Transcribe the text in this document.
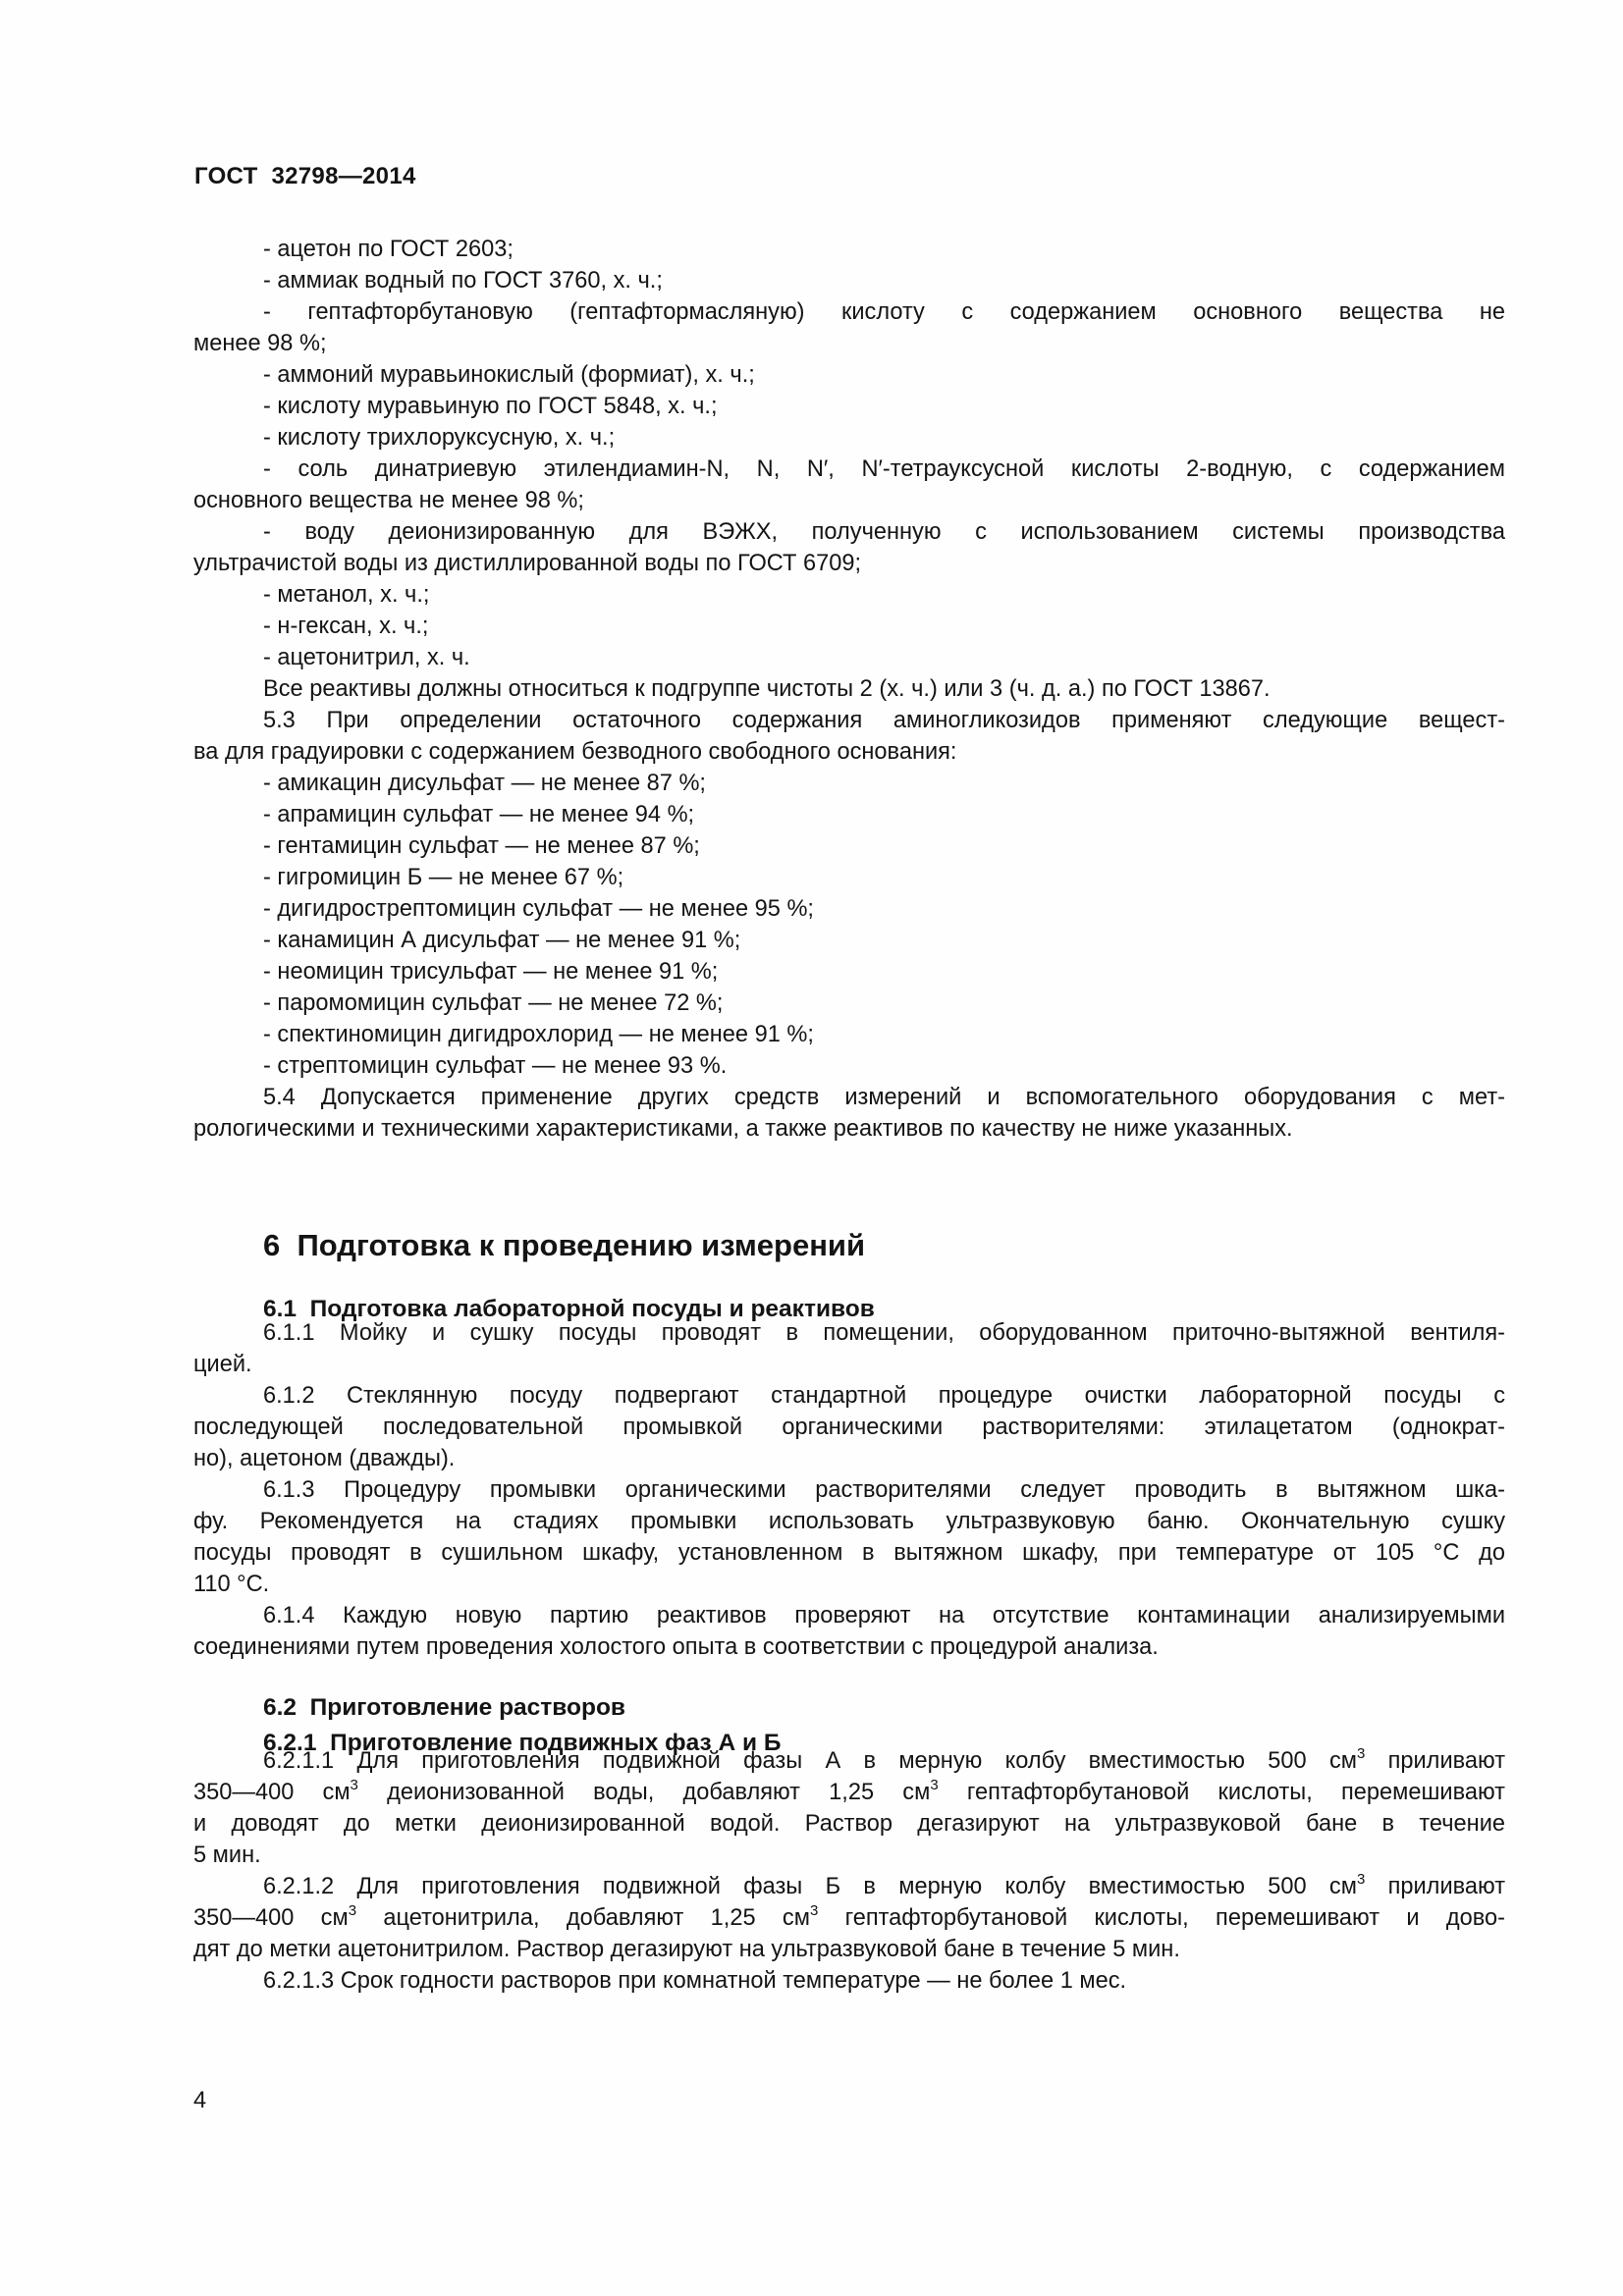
ГОСТ  32798—2014
6  Подготовка к проведению измерений
6.1  Подготовка лабораторной посуды и реактивов
6.2  Приготовление растворов
6.2.1  Приготовление подвижных фаз А и Б
- ацетон по ГОСТ 2603;
- аммиак водный по ГОСТ 3760, х. ч.;
- гептафторбутановую (гептафтормасляную) кислоту с содержанием основного вещества не
менее 98 %;
- аммоний муравьинокислый (формиат), х. ч.;
- кислоту муравьиную по ГОСТ 5848, х. ч.;
- кислоту трихлоруксусную, х. ч.;
- соль динатриевую этилендиамин-N, N, N′, N′-тетрауксусной кислоты 2-водную, с содержанием
основного вещества не менее 98 %;
- воду деионизированную для ВЭЖХ, полученную с использованием системы производства
ультрачистой воды из дистиллированной воды по ГОСТ 6709;
- метанол, х. ч.;
- н-гексан, х. ч.;
- ацетонитрил, х. ч.
Все реактивы должны относиться к подгруппе чистоты 2 (х. ч.) или 3 (ч. д. а.) по ГОСТ 13867.
5.3 При определении остаточного содержания аминогликозидов применяют следующие вещест-
ва для градуировки с содержанием безводного свободного основания:
- амикацин дисульфат — не менее 87 %;
- апрамицин сульфат — не менее 94 %;
- гентамицин сульфат — не менее 87 %;
- гигромицин Б — не менее 67 %;
- дигидрострептомицин сульфат — не менее 95 %;
- канамицин А дисульфат — не менее 91 %;
- неомицин трисульфат — не менее 91 %;
- паромомицин сульфат — не менее 72 %;
- спектиномицин дигидрохлорид — не менее 91 %;
- стрептомицин сульфат — не менее 93 %.
5.4 Допускается применение других средств измерений и вспомогательного оборудования с мет-
рологическими и техническими характеристиками, а также реактивов по качеству не ниже указанных.
6.1.1 Мойку и сушку посуды проводят в помещении, оборудованном приточно-вытяжной вентиля-
цией.
6.1.2 Стеклянную посуду подвергают стандартной процедуре очистки лабораторной посуды с
последующей последовательной промывкой органическими растворителями: этилацетатом (однократ-
но), ацетоном (дважды).
6.1.3 Процедуру промывки органическими растворителями следует проводить в вытяжном шка-
фу. Рекомендуется на стадиях промывки использовать ультразвуковую баню. Окончательную сушку
посуды проводят в сушильном шкафу, установленном в вытяжном шкафу, при температуре от 105 °С до
110 °С.
6.1.4 Каждую новую партию реактивов проверяют на отсутствие контаминации анализируемыми
соединениями путем проведения холостого опыта в соответствии с процедурой анализа.
6.2.1.1 Для приготовления подвижной фазы А в мерную колбу вместимостью 500 $см^3$ приливают
350—400 $см^3$ деионизованной воды, добавляют 1,25 $см^3$ гептафторбутановой кислоты, перемешивают
и доводят до метки деионизированной водой. Раствор дегазируют на ультразвуковой бане в течение
5 мин.
6.2.1.2 Для приготовления подвижной фазы Б в мерную колбу вместимостью 500 $см^3$ приливают
350—400 $см^3$ ацетонитрила, добавляют 1,25 $см^3$ гептафторбутановой кислоты, перемешивают и дово-
дят до метки ацетонитрилом. Раствор дегазируют на ультразвуковой бане в течение 5 мин.
6.2.1.3 Срок годности растворов при комнатной температуре — не более 1 мес.
4
